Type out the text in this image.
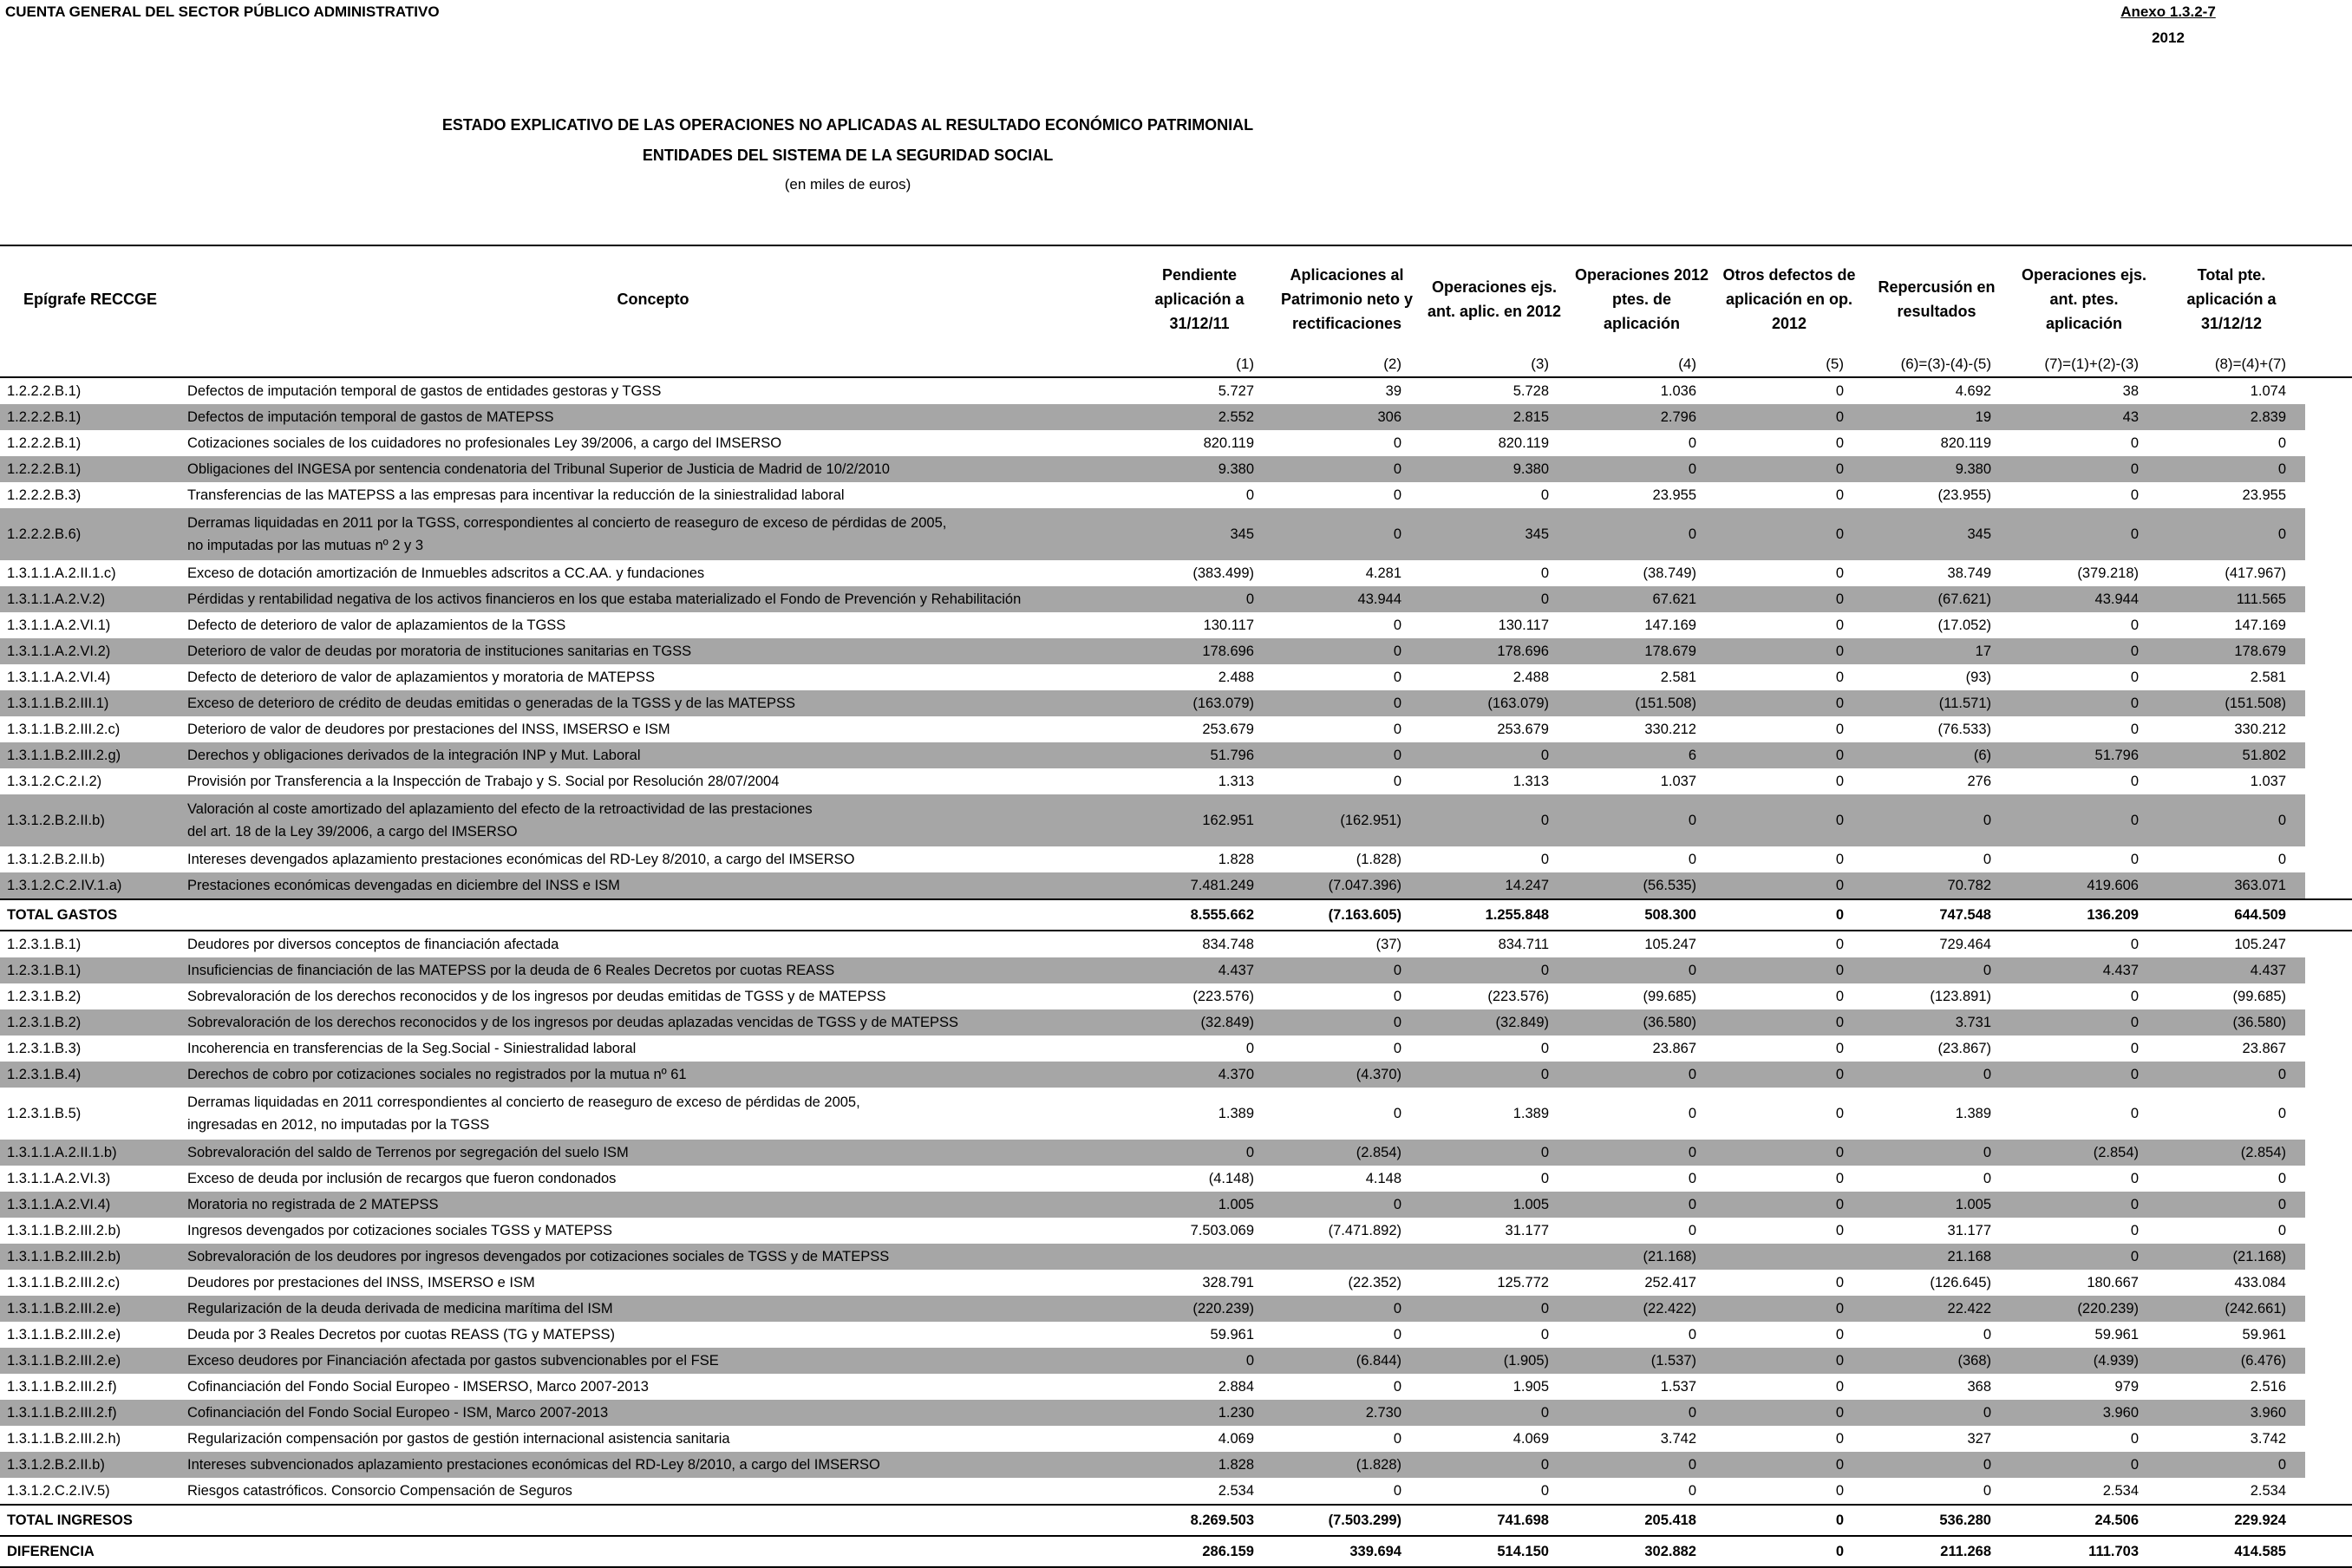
CUENTA GENERAL DEL SECTOR PÚBLICO ADMINISTRATIVO	Anexo 1.3.2-7
2012
ESTADO EXPLICATIVO DE LAS OPERACIONES NO APLICADAS AL RESULTADO ECONÓMICO PATRIMONIAL
ENTIDADES DEL SISTEMA DE LA SEGURIDAD SOCIAL
(en miles de euros)
Epígrafe RECCGE	Concepto	Pendiente aplicación a 31/12/11	Aplicaciones al Patrimonio neto y rectificaciones	Operaciones ejs. ant. aplic. en 2012	Operaciones 2012 ptes. de aplicación	Otros defectos de aplicación en op. 2012	Repercusión en resultados	Operaciones ejs. ant. ptes. aplicación	Total pte. aplicación a 31/12/12	
		(1)	(2)	(3)	(4)	(5)	(6)=(3)-(4)-(5)	(7)=(1)+(2)-(3)	(8)=(4)+(7)	
1.2.2.2.B.1)	Defectos de imputación temporal de gastos de entidades gestoras y TGSS	5.727	39	5.728	1.036	0	4.692	38	1.074	
1.2.2.2.B.1)	Defectos de imputación temporal de gastos de MATEPSS	2.552	306	2.815	2.796	0	19	43	2.839	
1.2.2.2.B.1)	Cotizaciones sociales de los cuidadores no profesionales Ley 39/2006, a cargo del IMSERSO	820.119	0	820.119	0	0	820.119	0	0	
1.2.2.2.B.1)	Obligaciones del INGESA por sentencia condenatoria del Tribunal Superior de Justicia de Madrid de 10/2/2010	9.380	0	9.380	0	0	9.380	0	0	
1.2.2.2.B.3)	Transferencias de las MATEPSS a las empresas para incentivar la reducción de la siniestralidad laboral	0	0	0	23.955	0	(23.955)	0	23.955	
1.2.2.2.B.6)	Derramas liquidadas en 2011 por la TGSS, correspondientes al concierto de reaseguro de exceso de pérdidas de 2005,
no imputadas por las mutuas nº 2 y 3	345	0	345	0	0	345	0	0	
1.3.1.1.A.2.II.1.c)	Exceso de dotación amortización de Inmuebles adscritos a CC.AA. y fundaciones	(383.499)	4.281	0	(38.749)	0	38.749	(379.218)	(417.967)	
1.3.1.1.A.2.V.2)	Pérdidas y rentabilidad negativa de los activos financieros en los que estaba materializado el Fondo de Prevención y Rehabilitación	0	43.944	0	67.621	0	(67.621)	43.944	111.565	
1.3.1.1.A.2.VI.1)	Defecto de deterioro de valor de aplazamientos de la TGSS	130.117	0	130.117	147.169	0	(17.052)	0	147.169	
1.3.1.1.A.2.VI.2)	Deterioro de valor de deudas por moratoria de instituciones sanitarias en TGSS	178.696	0	178.696	178.679	0	17	0	178.679	
1.3.1.1.A.2.VI.4)	Defecto de deterioro de valor de aplazamientos y moratoria de MATEPSS	2.488	0	2.488	2.581	0	(93)	0	2.581	
1.3.1.1.B.2.III.1)	Exceso de deterioro de crédito de deudas emitidas o generadas de la TGSS y de las MATEPSS	(163.079)	0	(163.079)	(151.508)	0	(11.571)	0	(151.508)	
1.3.1.1.B.2.III.2.c)	Deterioro de valor de deudores por prestaciones del INSS, IMSERSO e ISM	253.679	0	253.679	330.212	0	(76.533)	0	330.212	
1.3.1.1.B.2.III.2.g)	Derechos y obligaciones derivados de la integración INP y Mut. Laboral	51.796	0	0	6	0	(6)	51.796	51.802	
1.3.1.2.C.2.I.2)	Provisión por Transferencia a la Inspección de Trabajo y S. Social por Resolución 28/07/2004	1.313	0	1.313	1.037	0	276	0	1.037	
1.3.1.2.B.2.II.b)	Valoración al coste amortizado del aplazamiento del efecto de la retroactividad de las prestaciones
del art. 18 de la Ley 39/2006, a cargo del IMSERSO	162.951	(162.951)	0	0	0	0	0	0	
1.3.1.2.B.2.II.b)	Intereses devengados aplazamiento prestaciones económicas del RD-Ley 8/2010, a cargo del IMSERSO	1.828	(1.828)	0	0	0	0	0	0	
1.3.1.2.C.2.IV.1.a)	Prestaciones económicas devengadas en diciembre del INSS e ISM	7.481.249	(7.047.396)	14.247	(56.535)	0	70.782	419.606	363.071	
TOTAL GASTOS		8.555.662	(7.163.605)	1.255.848	508.300	0	747.548	136.209	644.509	
1.2.3.1.B.1)	Deudores por diversos conceptos de financiación afectada	834.748	(37)	834.711	105.247	0	729.464	0	105.247	
1.2.3.1.B.1)	Insuficiencias de financiación de las MATEPSS por la deuda de 6 Reales Decretos por cuotas REASS	4.437	0	0	0	0	0	4.437	4.437	
1.2.3.1.B.2)	Sobrevaloración de los derechos reconocidos y de los ingresos por deudas emitidas de TGSS y de MATEPSS	(223.576)	0	(223.576)	(99.685)	0	(123.891)	0	(99.685)	
1.2.3.1.B.2)	Sobrevaloración de los derechos reconocidos y de los ingresos por deudas aplazadas vencidas de TGSS y de MATEPSS	(32.849)	0	(32.849)	(36.580)	0	3.731	0	(36.580)	
1.2.3.1.B.3)	Incoherencia en transferencias de la Seg.Social - Siniestralidad laboral	0	0	0	23.867	0	(23.867)	0	23.867	
1.2.3.1.B.4)	Derechos de cobro por cotizaciones sociales no registrados por la mutua nº 61	4.370	(4.370)	0	0	0	0	0	0	
1.2.3.1.B.5)	Derramas liquidadas en 2011 correspondientes al concierto de reaseguro de exceso de pérdidas de 2005,
ingresadas en 2012, no imputadas por la TGSS	1.389	0	1.389	0	0	1.389	0	0	
1.3.1.1.A.2.II.1.b)	Sobrevaloración del saldo de Terrenos por segregación del suelo ISM	0	(2.854)	0	0	0	0	(2.854)	(2.854)	
1.3.1.1.A.2.VI.3)	Exceso de deuda por inclusión de recargos que fueron condonados	(4.148)	4.148	0	0	0	0	0	0	
1.3.1.1.A.2.VI.4)	Moratoria no registrada de 2 MATEPSS	1.005	0	1.005	0	0	1.005	0	0	
1.3.1.1.B.2.III.2.b)	Ingresos devengados por cotizaciones sociales TGSS y MATEPSS	7.503.069	(7.471.892)	31.177	0	0	31.177	0	0	
1.3.1.1.B.2.III.2.b)	Sobrevaloración de los deudores por ingresos devengados por cotizaciones sociales de TGSS y de MATEPSS				(21.168)		21.168	0	(21.168)	
1.3.1.1.B.2.III.2.c)	Deudores por prestaciones del INSS, IMSERSO e ISM	328.791	(22.352)	125.772	252.417	0	(126.645)	180.667	433.084	
1.3.1.1.B.2.III.2.e)	Regularización de la deuda derivada de medicina marítima del ISM	(220.239)	0	0	(22.422)	0	22.422	(220.239)	(242.661)	
1.3.1.1.B.2.III.2.e)	Deuda por 3 Reales Decretos por cuotas REASS (TG y MATEPSS)	59.961	0	0	0	0	0	59.961	59.961	
1.3.1.1.B.2.III.2.e)	Exceso deudores por Financiación afectada por gastos subvencionables por el FSE	0	(6.844)	(1.905)	(1.537)	0	(368)	(4.939)	(6.476)	
1.3.1.1.B.2.III.2.f)	Cofinanciación del Fondo Social Europeo - IMSERSO, Marco 2007-2013	2.884	0	1.905	1.537	0	368	979	2.516	
1.3.1.1.B.2.III.2.f)	Cofinanciación del Fondo Social Europeo - ISM, Marco 2007-2013	1.230	2.730	0	0	0	0	3.960	3.960	
1.3.1.1.B.2.III.2.h)	Regularización compensación por gastos de gestión internacional asistencia sanitaria	4.069	0	4.069	3.742	0	327	0	3.742	
1.3.1.2.B.2.II.b)	Intereses subvencionados aplazamiento prestaciones económicas del RD-Ley 8/2010, a cargo del IMSERSO	1.828	(1.828)	0	0	0	0	0	0	
1.3.1.2.C.2.IV.5)	Riesgos catastróficos. Consorcio Compensación de Seguros	2.534	0	0	0	0	0	2.534	2.534	
TOTAL INGRESOS		8.269.503	(7.503.299)	741.698	205.418	0	536.280	24.506	229.924	
DIFERENCIA		286.159	339.694	514.150	302.882	0	211.268	111.703	414.585	
